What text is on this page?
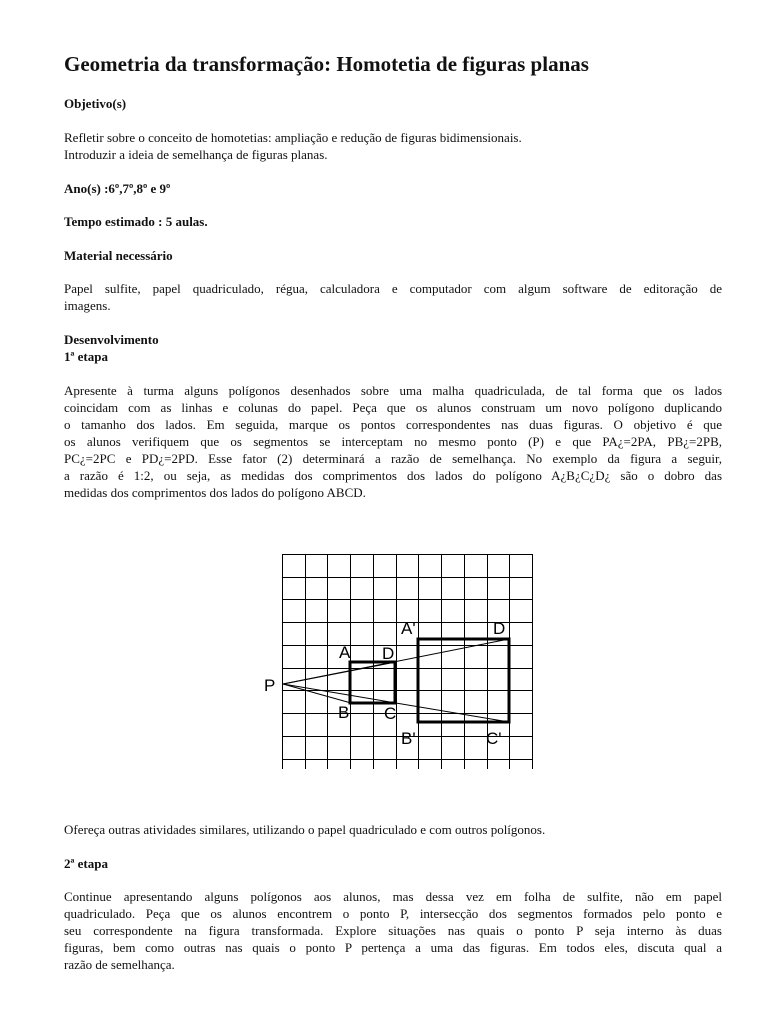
Geometria da transformação: Homotetia de figuras planas
Objetivo(s)
Refletir sobre o conceito de homotetias: ampliação e redução de figuras bidimensionais.
Introduzir a ideia de semelhança de figuras planas.
Ano(s) :6º,7º,8º e 9º
Tempo estimado : 5 aulas.
Material necessário
Papel sulfite, papel quadriculado, régua, calculadora e computador com algum software de editoração de
imagens.
Desenvolvimento
1ª etapa
Apresente à turma alguns polígonos desenhados sobre uma malha quadriculada, de tal forma que os lados
coincidam com as linhas e colunas do papel. Peça que os alunos construam um novo polígono duplicando
o tamanho dos lados. Em seguida, marque os pontos correspondentes nas duas figuras. O objetivo é que
os alunos verifiquem que os segmentos se interceptam no mesmo ponto (P) e que PA¿=2PA, PB¿=2PB,
PC¿=2PC e PD¿=2PD. Esse fator (2) determinará a razão de semelhança. No exemplo da figura a seguir,
a razão é 1:2, ou seja, as medidas dos comprimentos dos lados do polígono A¿B¿C¿D¿ são o dobro das
medidas dos comprimentos dos lados do polígono ABCD.
P
A D
B C
A'	D
B'	C'
Ofereça outras atividades similares, utilizando o papel quadriculado e com outros polígonos.
2ª etapa
Continue apresentando alguns polígonos aos alunos, mas dessa vez em folha de sulfite, não em papel
quadriculado. Peça que os alunos encontrem o ponto P, intersecção dos segmentos formados pelo ponto e
seu correspondente na figura transformada. Explore situações nas quais o ponto P seja interno às duas
figuras, bem como outras nas quais o ponto P pertença a uma das figuras. Em todos eles, discuta qual a
razão de semelhança.
